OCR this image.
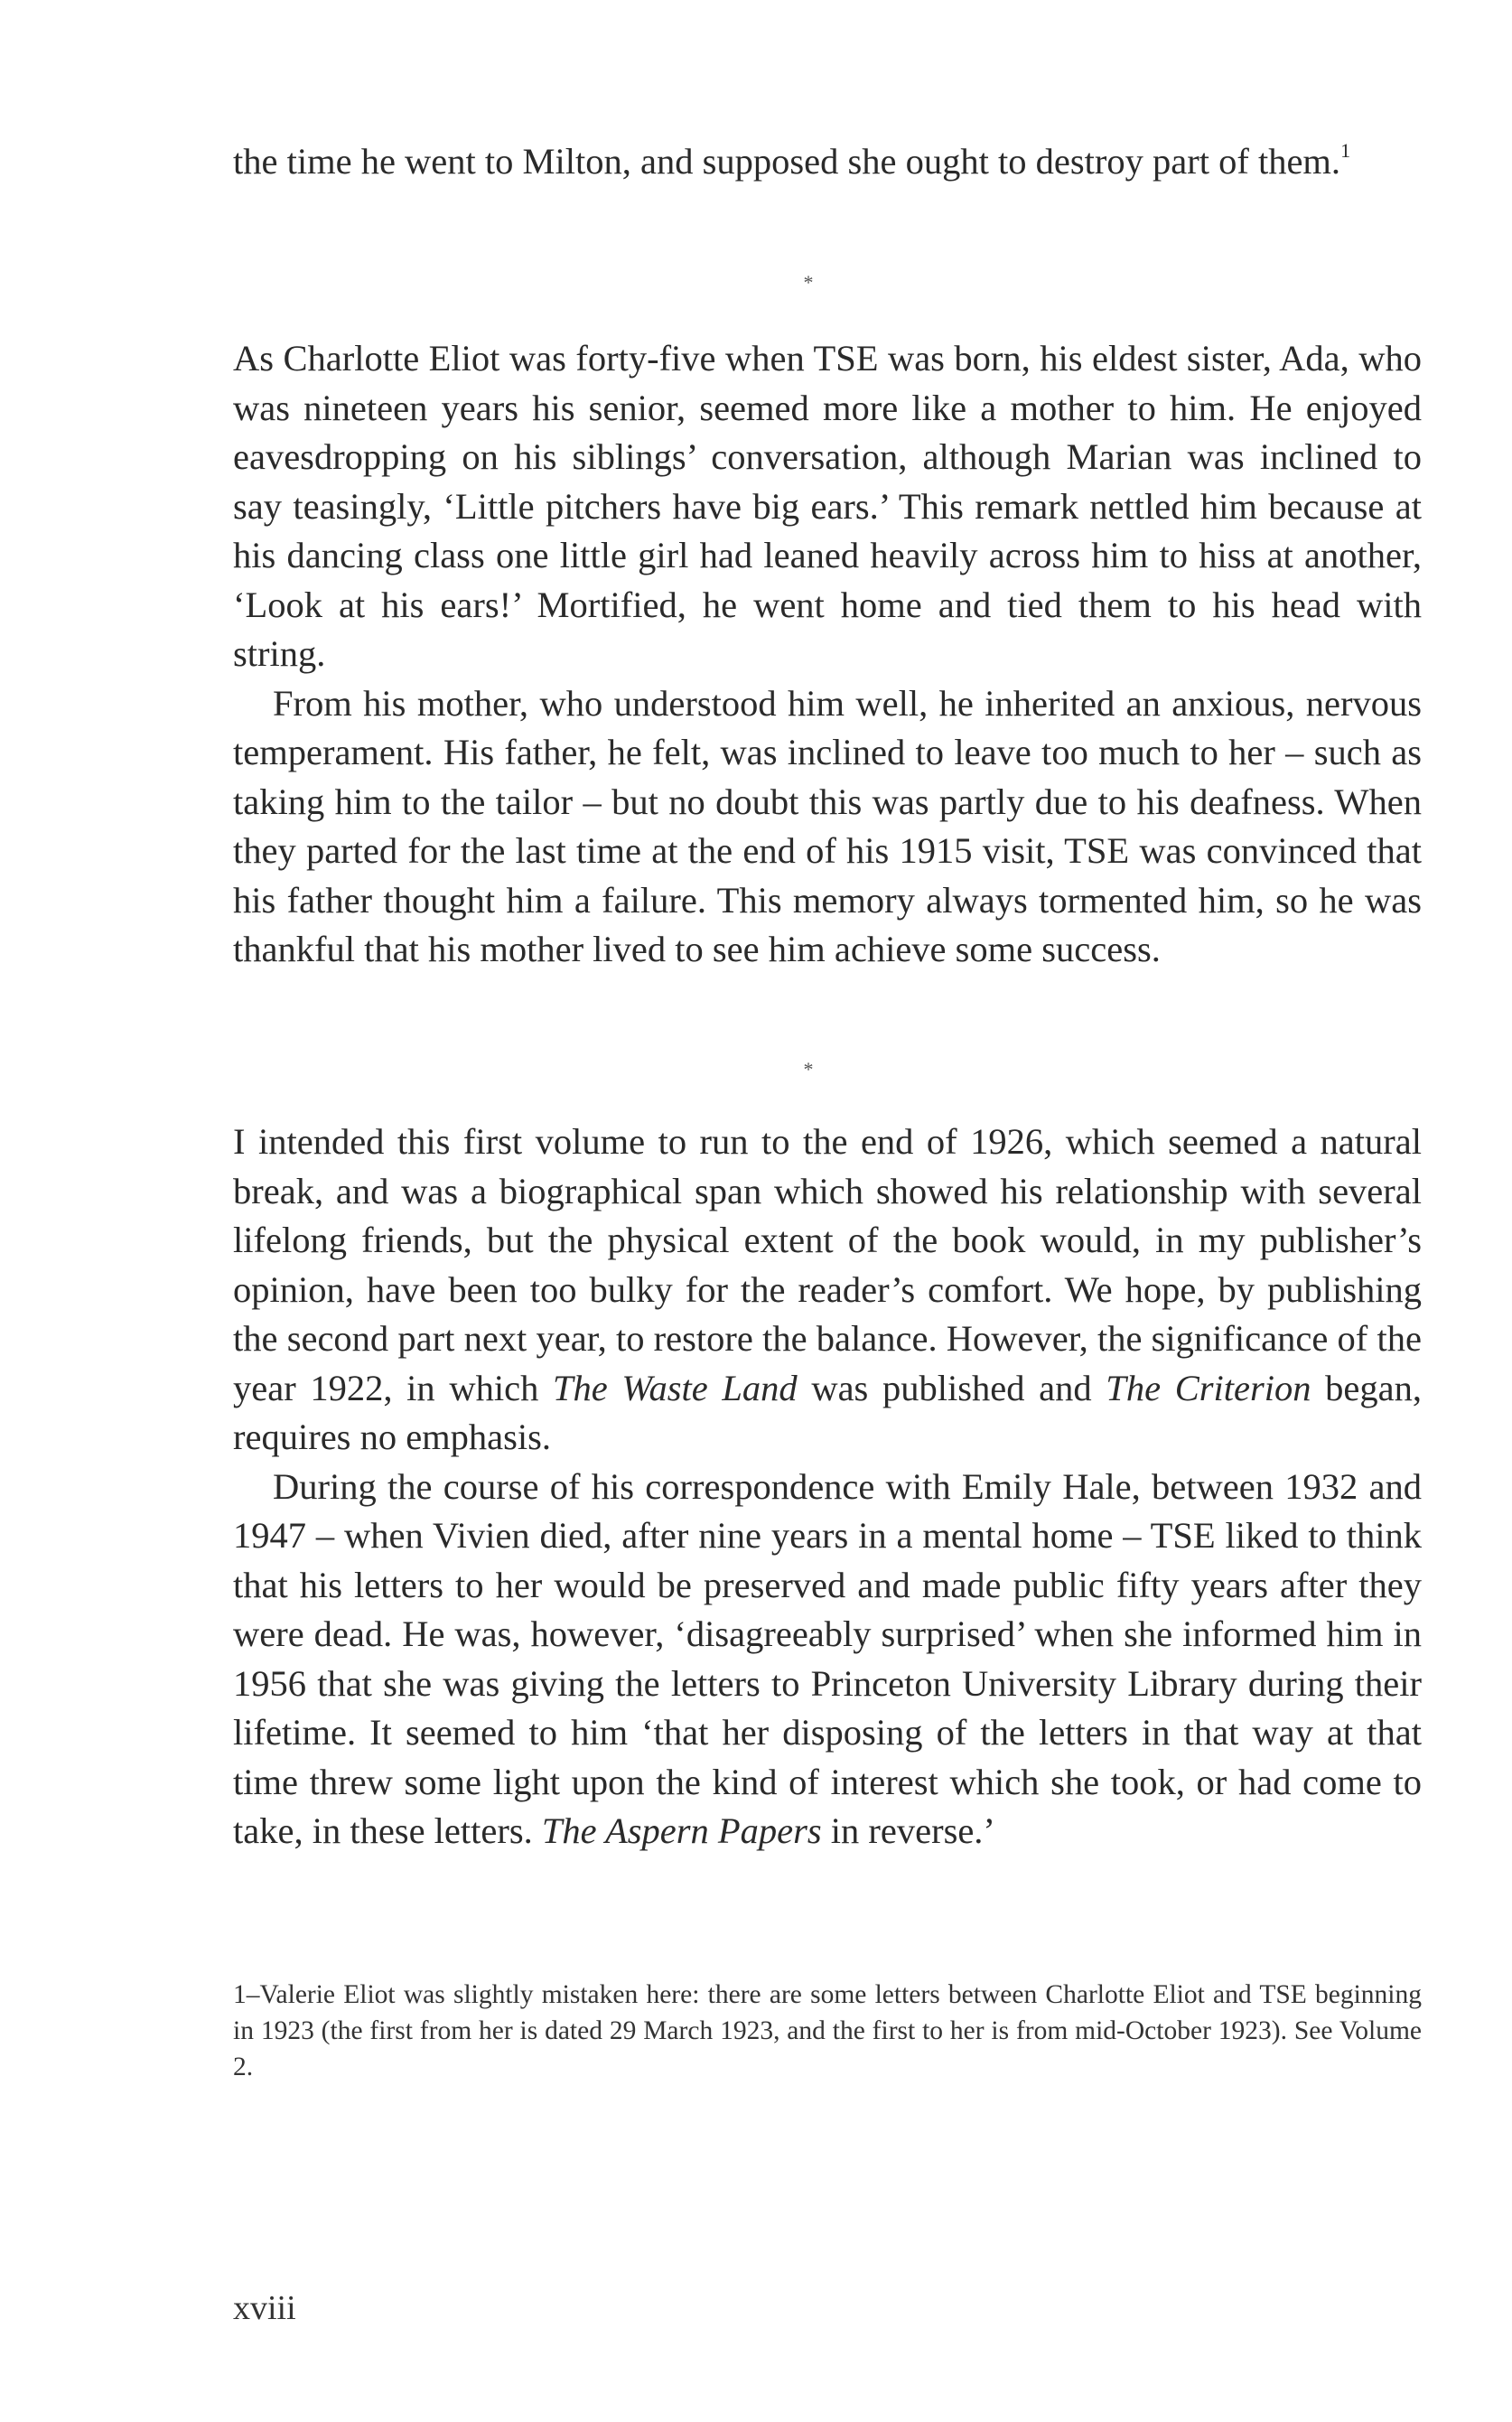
the time he went to Milton, and supposed she ought to destroy part of them.$^1$

*

As Charlotte Eliot was forty-five when TSE was born, his eldest sister, Ada, who was nineteen years his senior, seemed more like a mother to him. He enjoyed eavesdropping on his siblings’ conversation, although Marian was inclined to say teasingly, ‘Little pitchers have big ears.’ This remark nettled him because at his dancing class one little girl had leaned heavily across him to hiss at another, ‘Look at his ears!’ Mortified, he went home and tied them to his head with string.

From his mother, who understood him well, he inherited an anxious, nervous temperament. His father, he felt, was inclined to leave too much to her – such as taking him to the tailor – but no doubt this was partly due to his deafness. When they parted for the last time at the end of his 1915 visit, TSE was convinced that his father thought him a failure. This memory always tormented him, so he was thankful that his mother lived to see him achieve some success.

*

I intended this first volume to run to the end of 1926, which seemed a natural break, and was a biographical span which showed his relationship with several lifelong friends, but the physical extent of the book would, in my publisher’s opinion, have been too bulky for the reader’s comfort. We hope, by publishing the second part next year, to restore the balance. However, the significance of the year 1922, in which The Waste Land was published and The Criterion began, requires no emphasis.

During the course of his correspondence with Emily Hale, between 1932 and 1947 – when Vivien died, after nine years in a mental home – TSE liked to think that his letters to her would be preserved and made public fifty years after they were dead. He was, however, ‘disagreeably surprised’ when she informed him in 1956 that she was giving the letters to Princeton University Library during their lifetime. It seemed to him ‘that her disposing of the letters in that way at that time threw some light upon the kind of interest which she took, or had come to take, in these letters. The Aspern Papers in reverse.’

1–Valerie Eliot was slightly mistaken here: there are some letters between Charlotte Eliot and TSE beginning in 1923 (the first from her is dated 29 March 1923, and the first to her is from mid-October 1923). See Volume 2.
xviii
